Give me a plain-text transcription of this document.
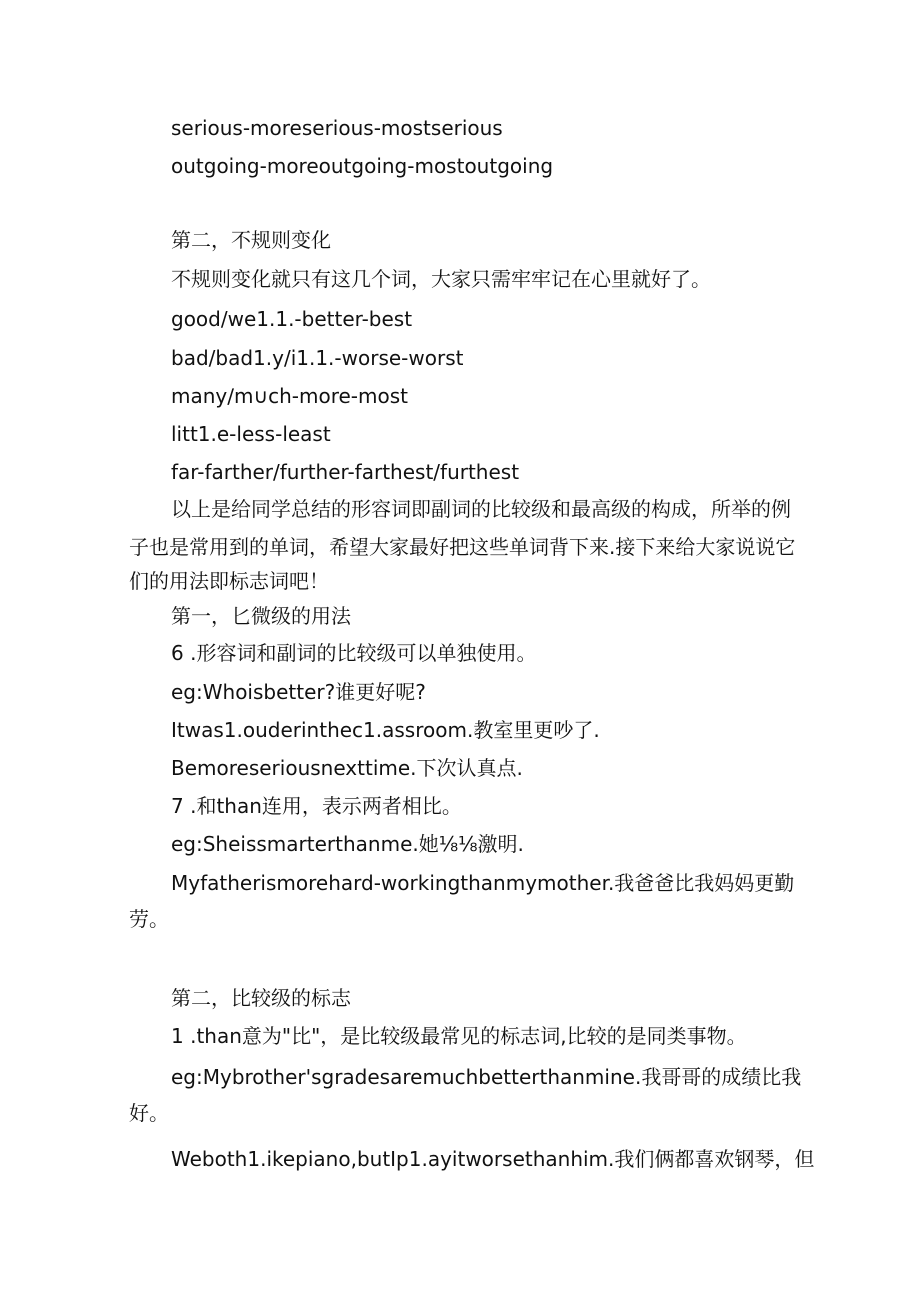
serious-moreserious-mostserious
outgoing-moreoutgoing-mostoutgoing
第二，不规则变化
不规则变化就只有这几个词，大家只需牢牢记在心里就好了。
good/we1.1.-better-best
bad/bad1.y/i1.1.-worse-worst
many∕m∪ch-more-most
litt1.e-less-least
far-farther/further-farthest/furthest
以上是给同学总结的形容词即副词的比较级和最高级的构成，所举的例
子也是常用到的单词，希望大家最好把这些单词背下来.接下来给大家说说它
们的用法即标志词吧！
第一，匕微级的用法
6 .形容词和副词的比较级可以单独使用。
eg:Whoisbetter?谁更好呢?
Itwas1.ouderinthec1.assroom.教室里更吵了.
Bemoreseriousnexttime.下次认真点.
7 .和than连用，表示两者相比。
eg:Sheissmarterthanme.她⅛⅛激明.
Myfatherismorehard-workingthanmymother.我爸爸比我妈妈更勤
劳。
第二，比较级的标志
1 .than意为"比"，是比较级最常见的标志词,比较的是同类事物。
eg:Mybrother'sgradesaremuchbetterthanmine.我哥哥的成绩比我
好。
Weboth1.ikepiano,butIp1.ayitworsethanhim.我们俩都喜欢钢琴，但
